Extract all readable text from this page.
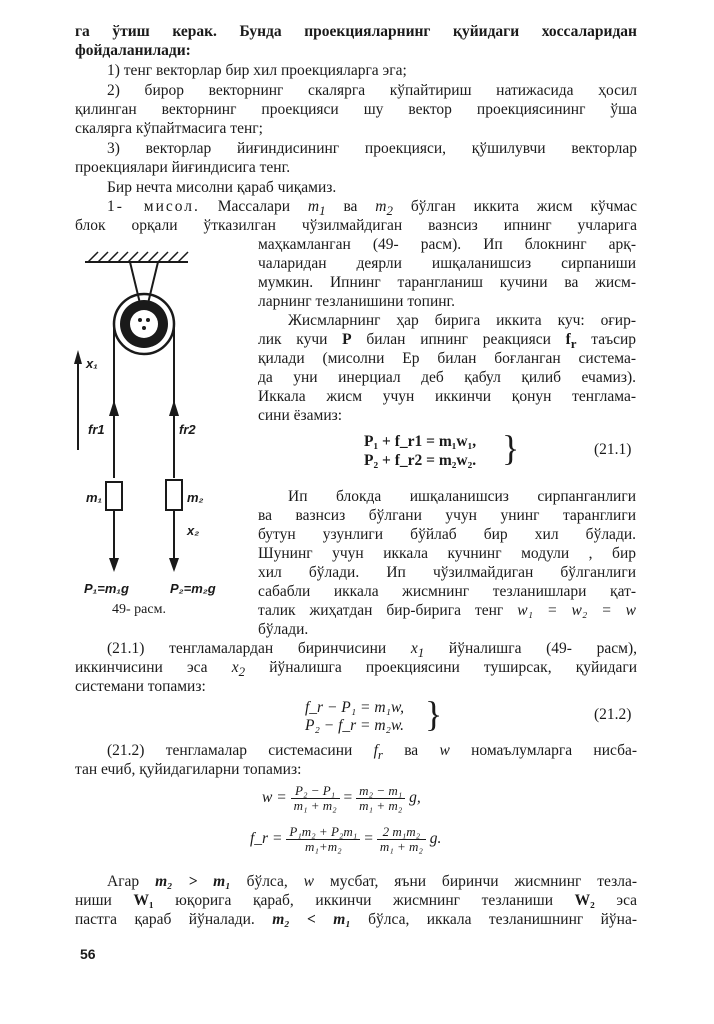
га ўтиш керак. Бунда проекцияларнинг қуйидаги хоссаларидан
фойдаланилади:
1) тенг векторлар бир хил проекцияларга эга;
2) бирор векторнинг скалярга кўпайтириш натижасида ҳосил
қилинган векторнинг проекцияси шу вектор проекциясининг ўша
скалярга кўпайтмасига тенг;
3) векторлар йиғиндисининг проекцияси, қўшилувчи векторлар
проекциялари йиғиндисига тенг.
Бир нечта мисолни қараб чиқамиз.
1- мисол. Массалари $m_1$ ва $m_2$ бўлган иккита жисм кўчмас
блок орқали ўтказилган чўзилмайдиган вазнсиз ипнинг учларига
маҳкамланган (49- расм). Ип блокнинг арқ-
чаларидан деярли ишқаланишсиз сирпаниши
мумкин. Ипнинг таранглaниш кучини ва жисм-
ларнинг тезланишини топинг.
Жисмларнинг ҳар бирига иккита куч: оғир-
лик кучи P билан ипнинг реакцияси $f_r$ таъсир
қилади (мисолни Ер билан боғланган система-
да уни инерциал деб қабул қилиб ечамиз).
Иккала жисм учун иккинчи қонун тенглама-
сини ёзамиз:
P₁ + f_r1 = m₁w₁,
P₂ + f_r2 = m₂w₂. }	(21.1)
Ип блокда ишқаланишсиз сирпанганлиги
ва вазнсиз бўлгани учун унинг таранглиги
бутун узунлиги бўйлаб бир хил бўлади.
Шунинг учун иккала кучнинг модули , бир
хил бўлади. Ип чўзилмайдиган бўлганлиги
сабабли иккала жисмнинг тезланишлари қат-
талик жиҳатдан бир-бирига тенг w₁ = w₂ = w
бўлади.
x₁
fr1	fr2
m₁	m₂
x₂
P₁=m₁g	P₂=m₂g
49- расм.
(21.1) тенгламалардан биринчисини $x_1$ йўналишга (49- расм),
иккинчисини эса $x_2$ йўналишга проекциясини туширсак, қуйидаги
системани топамиз:
f_r − P₁ = m₁w,
P₂ − f_r = m₂w. }	(21.2)
(21.2) тенгламалар системасини $f_r$ ва w номаълумларга нисба-
тан ечиб, қуйидагиларни топамиз:
$w = \frac{\text{P₂ − P₁}}{\text{m₁ + m₂}} = \frac{\text{m₂ − m₁}}{\text{m₁ + m₂}} g$,
f_r = $\frac{\text{P₁m₂ + P₂m₁}}{\text{m₁+m₂}} = \frac{\text{2 m₁m₂}}{\text{m₁ + m₂}} g$.
Агар m₂ > m₁ бўлса, w мусбат, яъни биринчи жисмнинг тезла-
ниши W₁ юқорига қараб, иккинчи жисмнинг тезланиши W₂ эса
пастга қараб йўналади. m₂ < m₁ бўлса, иккала тезланишнинг йўна-
56
